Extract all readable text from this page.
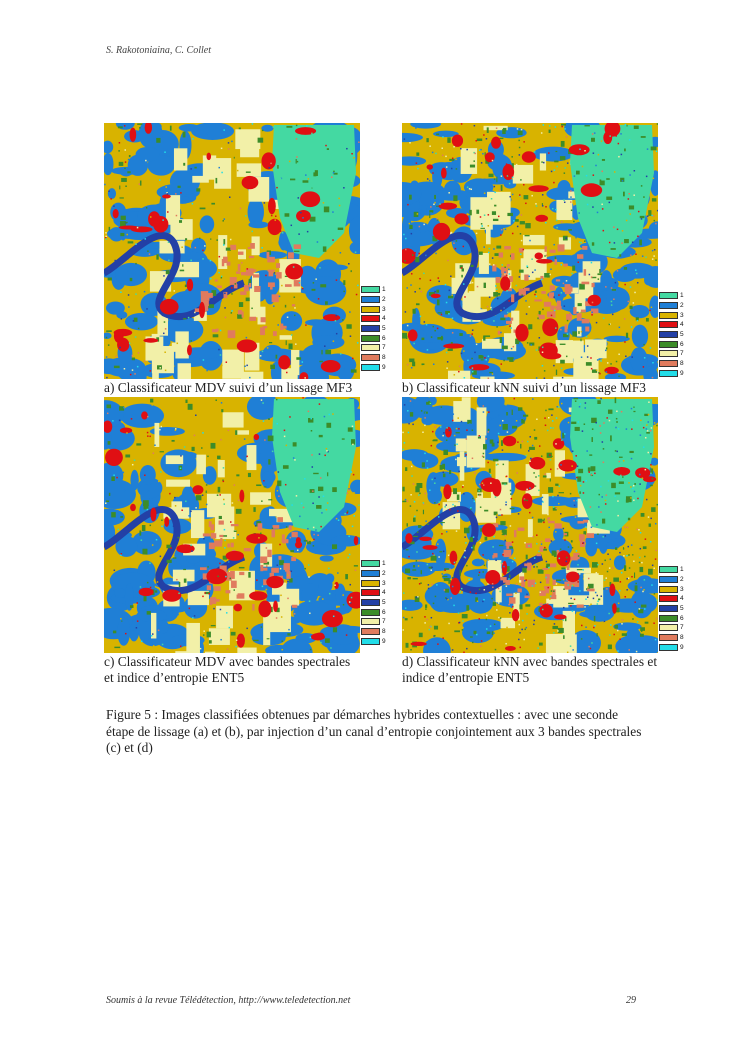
S. Rakotoniaina, C. Collet
1
2
3
4
5
6
7
8
9
a) Classificateur MDV suivi d’un lissage MF3
1
2
3
4
5
6
7
8
9
b) Classificateur kNN suivi d’un lissage MF3
1
2
3
4
5
6
7
8
9
c) Classificateur MDV avec bandes spectrales
et indice d’entropie ENT5
1
2
3
4
5
6
7
8
9
d) Classificateur kNN avec bandes spectrales et
indice d’entropie ENT5
Figure 5 : Images classifiées obtenues par démarches hybrides contextuelles : avec une seconde étape de lissage (a) et (b), par injection d’un canal d’entropie conjointement aux 3 bandes spectrales (c) et (d)
Soumis à la revue Télédétection, http://www.teledetection.net	29
